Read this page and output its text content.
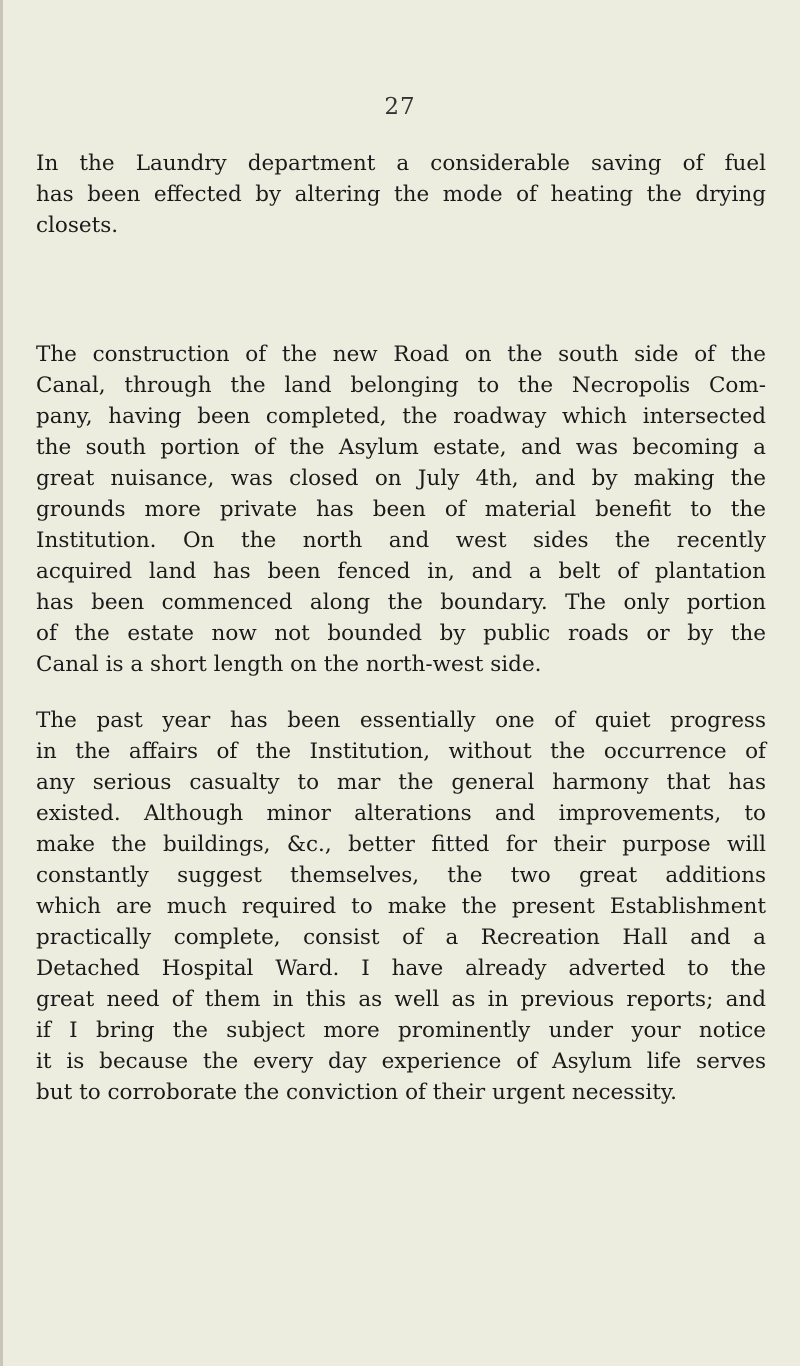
27

In the Laundry department a considerable saving of fuel
has been effected by altering the mode of heating the drying
closets.

The construction of the new Road on the south side of the
Canal, through the land belonging to the Necropolis Com-
pany, having been completed, the roadway which intersected
the south portion of the Asylum estate, and was becoming a
great nuisance, was closed on July 4th, and by making the
grounds more private has been of material benefit to the
Institution. On the north and west sides the recently
acquired land has been fenced in, and a belt of plantation
has been commenced along the boundary. The only portion
of the estate now not bounded by public roads or by the
Canal is a short length on the north-west side.

The past year has been essentially one of quiet progress
in the affairs of the Institution, without the occurrence of
any serious casualty to mar the general harmony that has
existed. Although minor alterations and improvements, to
make the buildings, &c., better fitted for their purpose will
constantly suggest themselves, the two great additions
which are much required to make the present Establishment
practically complete, consist of a Recreation Hall and a
Detached Hospital Ward. I have already adverted to the
great need of them in this as well as in previous reports; and
if I bring the subject more prominently under your notice
it is because the every day experience of Asylum life serves
but to corroborate the conviction of their urgent necessity.
